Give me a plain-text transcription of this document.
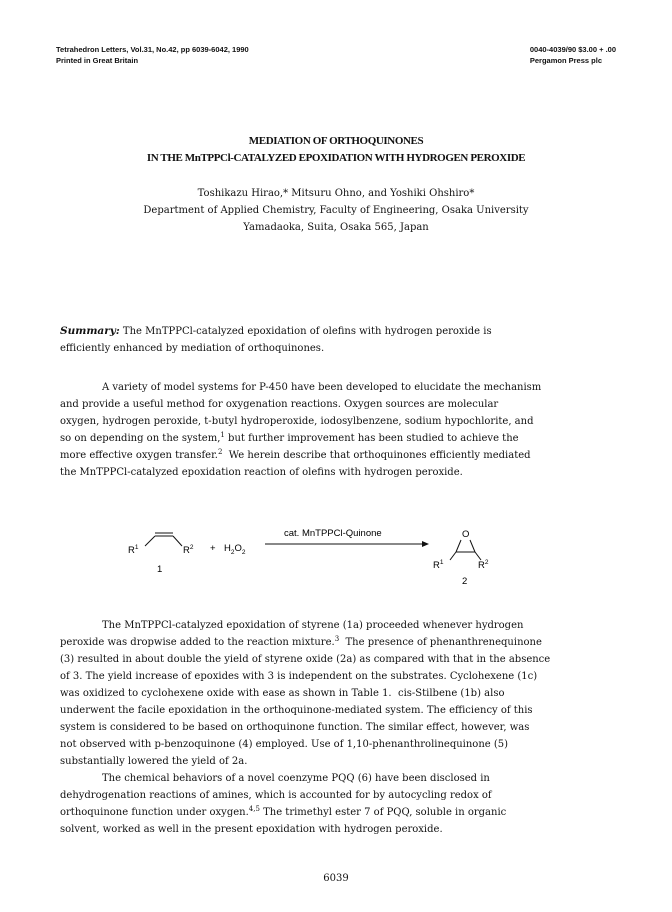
Tetrahedron Letters, Vol.31, No.42, pp 6039-6042, 1990
Printed in Great Britain
0040-4039/90 $3.00 + .00
Pergamon Press plc
MEDIATION OF ORTHOQUINONES
IN THE MnTPPCl-CATALYZED EPOXIDATION WITH HYDROGEN PEROXIDE
Toshikazu Hirao,* Mitsuru Ohno, and Yoshiki Ohshiro*
Department of Applied Chemistry, Faculty of Engineering, Osaka University
Yamadaoka, Suita, Osaka 565, Japan

Summary: The MnTPPCl-catalyzed epoxidation of olefins with hydrogen peroxide is
efficiently enhanced by mediation of orthoquinones.

A variety of model systems for P-450 have been developed to elucidate the mechanism
and provide a useful method for oxygenation reactions. Oxygen sources are molecular
oxygen, hydrogen peroxide, t-butyl hydroperoxide, iodosylbenzene, sodium hypochlorite, and
so on depending on the system,$^1$ but further improvement has been studied to achieve the
more effective oxygen transfer.$^2$ We herein describe that orthoquinones efficiently mediated
the MnTPPCl-catalyzed epoxidation reaction of olefins with hydrogen peroxide.

$R^1$	$R^2$
1
+ $H_2O_2$
cat. MnTPPCl-Quinone	O
$R^1$	$R^2$
2

The MnTPPCl-catalyzed epoxidation of styrene (1a) proceeded whenever hydrogen
peroxide was dropwise added to the reaction mixture.$^3$ The presence of phenanthrenequinone
(3) resulted in about double the yield of styrene oxide (2a) as compared with that in the absence
of 3. The yield increase of epoxides with 3 is independent on the substrates. Cyclohexene (1c)
was oxidized to cyclohexene oxide with ease as shown in Table 1. cis-Stilbene (1b) also
underwent the facile epoxidation in the orthoquinone-mediated system. The efficiency of this
system is considered to be based on orthoquinone function. The similar effect, however, was
not observed with p-benzoquinone (4) employed. Use of 1,10-phenanthrolinequinone (5)
substantially lowered the yield of 2a.

The chemical behaviors of a novel coenzyme PQQ (6) have been disclosed in
dehydrogenation reactions of amines, which is accounted for by autocycling redox of
orthoquinone function under oxygen.$^{4,5}$ The trimethyl ester 7 of PQQ, soluble in organic
solvent, worked as well in the present epoxidation with hydrogen peroxide.

6039
